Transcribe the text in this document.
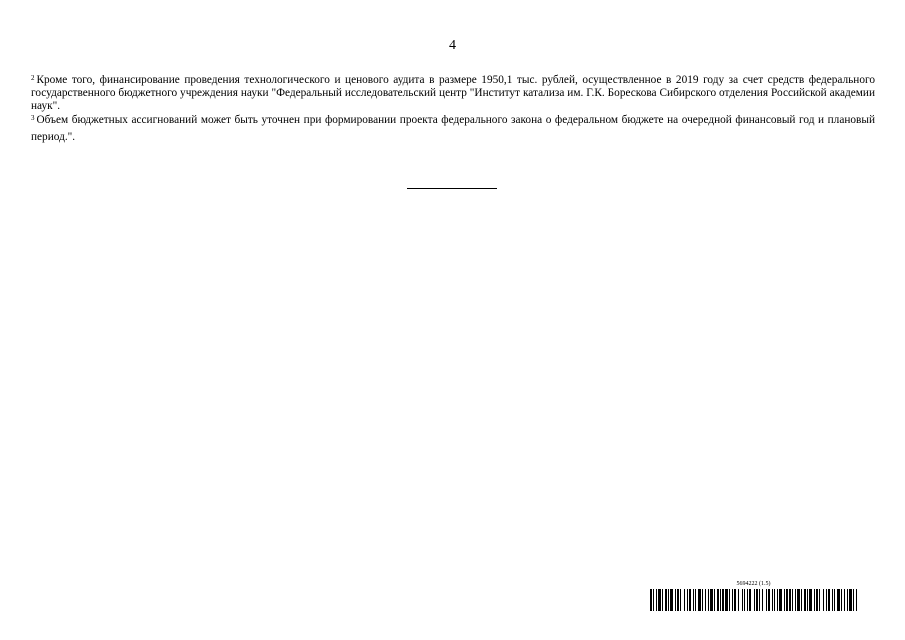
4

$^2$ Кроме того, финансирование проведения технологического и ценового аудита в размере 1950,1 тыс. рублей, осуществленное в 2019 году за счет средств федерального государственного бюджетного учреждения науки "Федеральный исследовательский центр "Институт катализа им. Г.К. Борескова Сибирского отделения Российской академии наук".

$^3$ Объем бюджетных ассигнований может быть уточнен при формировании проекта федерального закона о федеральном бюджете на очередной финансовый год и плановый период.".

5694222 (1.5)
